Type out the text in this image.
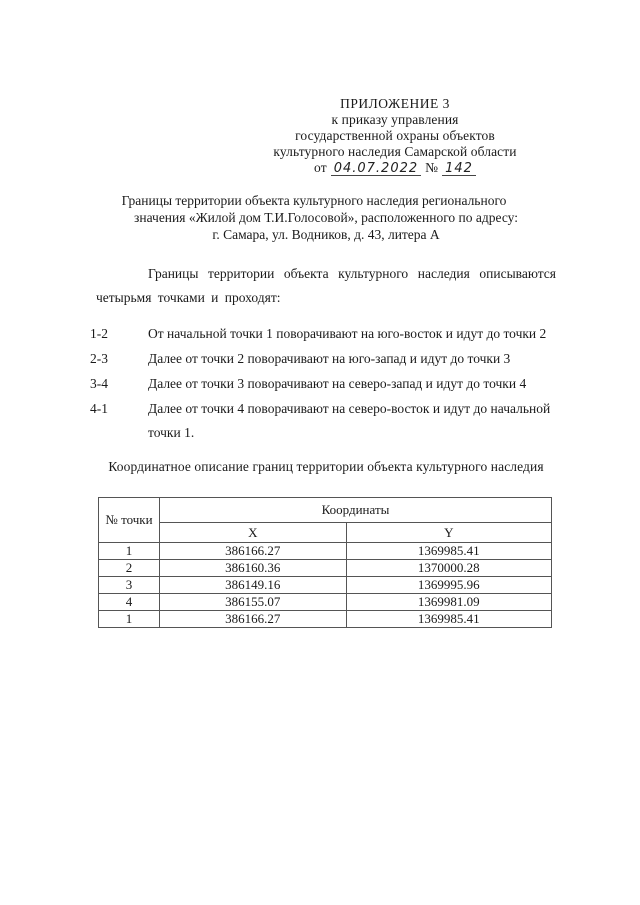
ПРИЛОЖЕНИЕ 3
к приказу управления
государственной охраны объектов
культурного наследия Самарской области
от 04.07.2022 № 142
Границы территории объекта культурного наследия регионального
значения «Жилой дом Т.И.Голосовой», расположенного по адресу:
г. Самара, ул. Водников, д. 43, литера А
Границы территории объекта культурного наследия описываются четырьмя точками и проходят:
1-2	От начальной точки 1 поворачивают на юго-восток и идут до точки 2
2-3	Далее от точки 2 поворачивают на юго-запад и идут до точки 3
3-4	Далее от точки 3 поворачивают на северо-запад и идут до точки 4
4-1	Далее от точки 4 поворачивают на северо-восток и идут до начальной
точки 1.
Координатное описание границ территории объекта культурного наследия
№ точки	Координаты	
	X	Y
1	386166.27	1369985.41
2	386160.36	1370000.28
3	386149.16	1369995.96
4	386155.07	1369981.09
1	386166.27	1369985.41
